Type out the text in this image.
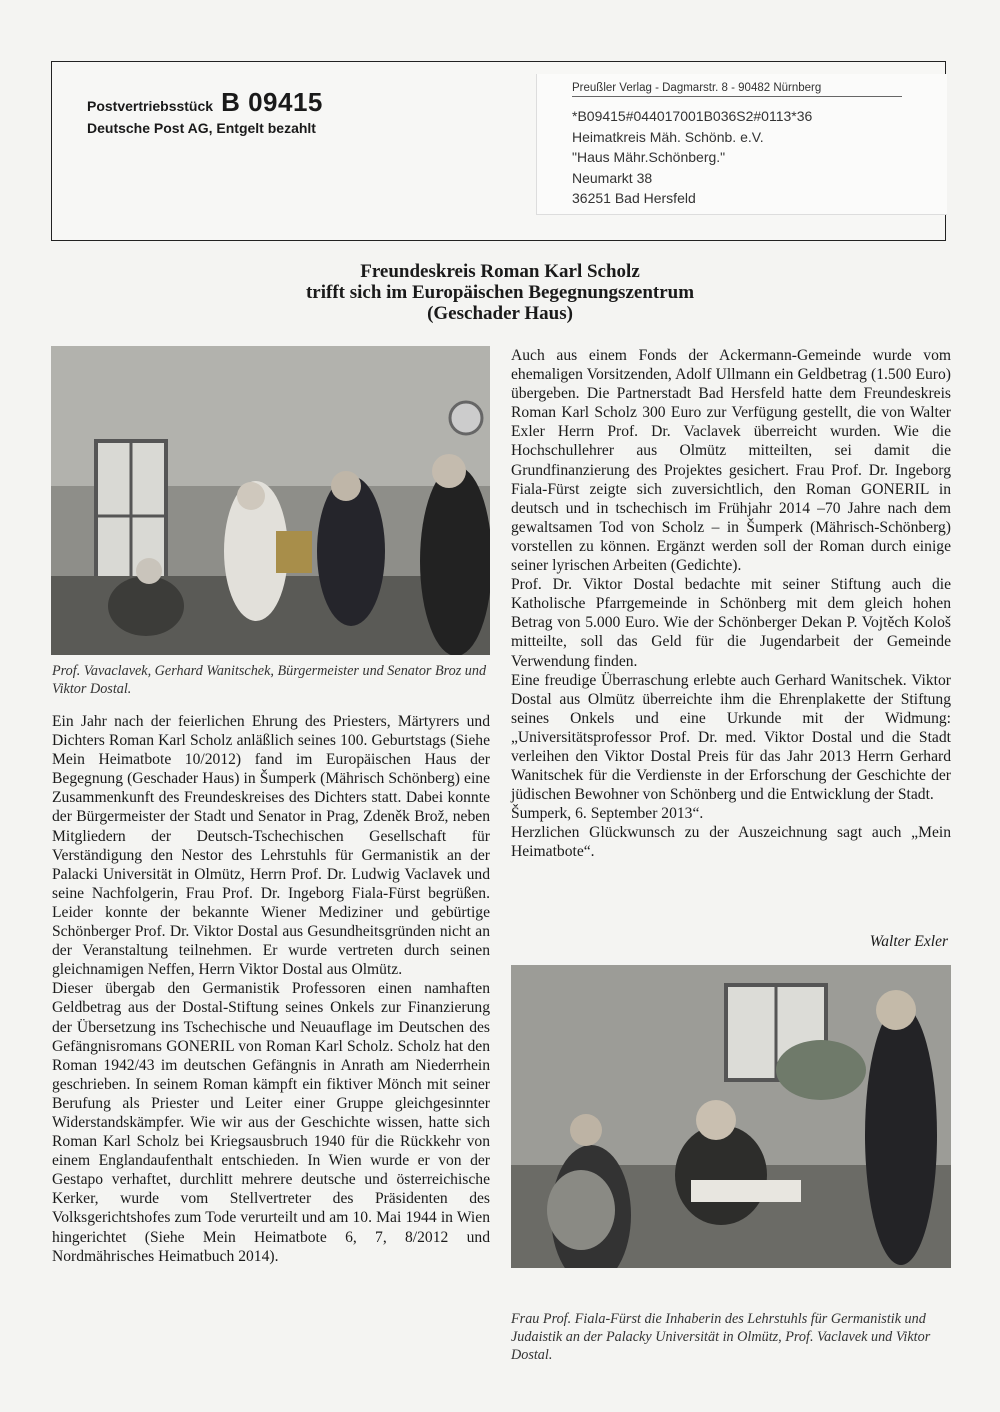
Postvertriebsstück B 09415
Deutsche Post AG, Entgelt bezahlt
Preußler Verlag - Dagmarstr. 8 - 90482 Nürnberg
*B09415#044017001B036S2#0113*36
Heimatkreis Mäh. Schönb. e.V.
"Haus Mähr.Schönberg."
Neumarkt 38
36251 Bad Hersfeld
Freundeskreis Roman Karl Scholz
trifft sich im Europäischen Begegnungszentrum
(Geschader Haus)
Prof. Vavaclavek, Gerhard Wanitschek, Bürgermeister und Senator Broz und Viktor Dostal.

Ein Jahr nach der feierlichen Ehrung des Priesters, Märtyrers und Dichters Roman Karl Scholz anläßlich seines 100. Geburtstags (Siehe Mein Heimatbote 10/2012) fand im Europäischen Haus der Begegnung (Geschader Haus) in Šumperk (Mährisch Schönberg) eine Zusammenkunft des Freundeskreises des Dichters statt. Dabei konnte der Bürgermeister der Stadt und Senator in Prag, Zdeněk Brož, neben Mitgliedern der Deutsch-Tschechischen Gesellschaft für Verständigung den Nestor des Lehrstuhls für Germanistik an der Palacki Universität in Olmütz, Herrn Prof. Dr. Ludwig Vaclavek und seine Nachfolgerin, Frau Prof. Dr. Ingeborg Fiala-Fürst begrüßen. Leider konnte der bekannte Wiener Mediziner und gebürtige Schönberger Prof. Dr. Viktor Dostal aus Gesundheitsgründen nicht an der Veranstaltung teilnehmen. Er wurde vertreten durch seinen gleichnamigen Neffen, Herrn Viktor Dostal aus Olmütz.

Dieser übergab den Germanistik Professoren einen namhaften Geldbetrag aus der Dostal-Stiftung seines Onkels zur Finanzierung der Übersetzung ins Tschechische und Neuauflage im Deutschen des Gefängnisromans GONERIL von Roman Karl Scholz. Scholz hat den Roman 1942/43 im deutschen Gefängnis in Anrath am Niederrhein geschrieben. In seinem Roman kämpft ein fiktiver Mönch mit seiner Berufung als Priester und Leiter einer Gruppe gleichgesinnter Widerstandskämpfer. Wie wir aus der Geschichte wissen, hatte sich Roman Karl Scholz bei Kriegsausbruch 1940 für die Rückkehr von einem Englandaufenthalt entschieden. In Wien wurde er von der Gestapo verhaftet, durchlitt mehrere deutsche und österreichische Kerker, wurde vom Stellvertreter des Präsidenten des Volksgerichtshofes zum Tode verurteilt und am 10. Mai 1944 in Wien hingerichtet (Siehe Mein Heimatbote 6, 7, 8/2012 und Nordmährisches Heimatbuch 2014).

Auch aus einem Fonds der Ackermann-Gemeinde wurde vom ehemaligen Vorsitzenden, Adolf Ullmann ein Geldbetrag (1.500 Euro) übergeben. Die Partnerstadt Bad Hersfeld hatte dem Freundeskreis Roman Karl Scholz 300 Euro zur Verfügung gestellt, die von Walter Exler Herrn Prof. Dr. Vaclavek überreicht wurden. Wie die Hochschullehrer aus Olmütz mitteilten, sei damit die Grundfinanzierung des Projektes gesichert. Frau Prof. Dr. Ingeborg Fiala-Fürst zeigte sich zuversichtlich, den Roman GONERIL in deutsch und in tschechisch im Frühjahr 2014 –70 Jahre nach dem gewaltsamen Tod von Scholz – in Šumperk (Mährisch-Schönberg) vorstellen zu können. Ergänzt werden soll der Roman durch einige seiner lyrischen Arbeiten (Gedichte).

Prof. Dr. Viktor Dostal bedachte mit seiner Stiftung auch die Katholische Pfarrgemeinde in Schönberg mit dem gleich hohen Betrag von 5.000 Euro. Wie der Schönberger Dekan P. Vojtěch Kološ mitteilte, soll das Geld für die Jugendarbeit der Gemeinde Verwendung finden.

Eine freudige Überraschung erlebte auch Gerhard Wanitschek. Viktor Dostal aus Olmütz überreichte ihm die Ehrenplakette der Stiftung seines Onkels und eine Urkunde mit der Widmung: „Universitätsprofessor Prof. Dr. med. Viktor Dostal und die Stadt verleihen den Viktor Dostal Preis für das Jahr 2013 Herrn Gerhard Wanitschek für die Verdienste in der Erforschung der Geschichte der jüdischen Bewohner von Schönberg und die Entwicklung der Stadt.

Šumperk, 6. September 2013“.

Herzlichen Glückwunsch zu der Auszeichnung sagt auch „Mein Heimatbote“.

Walter Exler
Frau Prof. Fiala-Fürst die Inhaberin des Lehrstuhls für Germanistik und Judaistik an der Palacky Universität in Olmütz, Prof. Vaclavek und Viktor Dostal.
